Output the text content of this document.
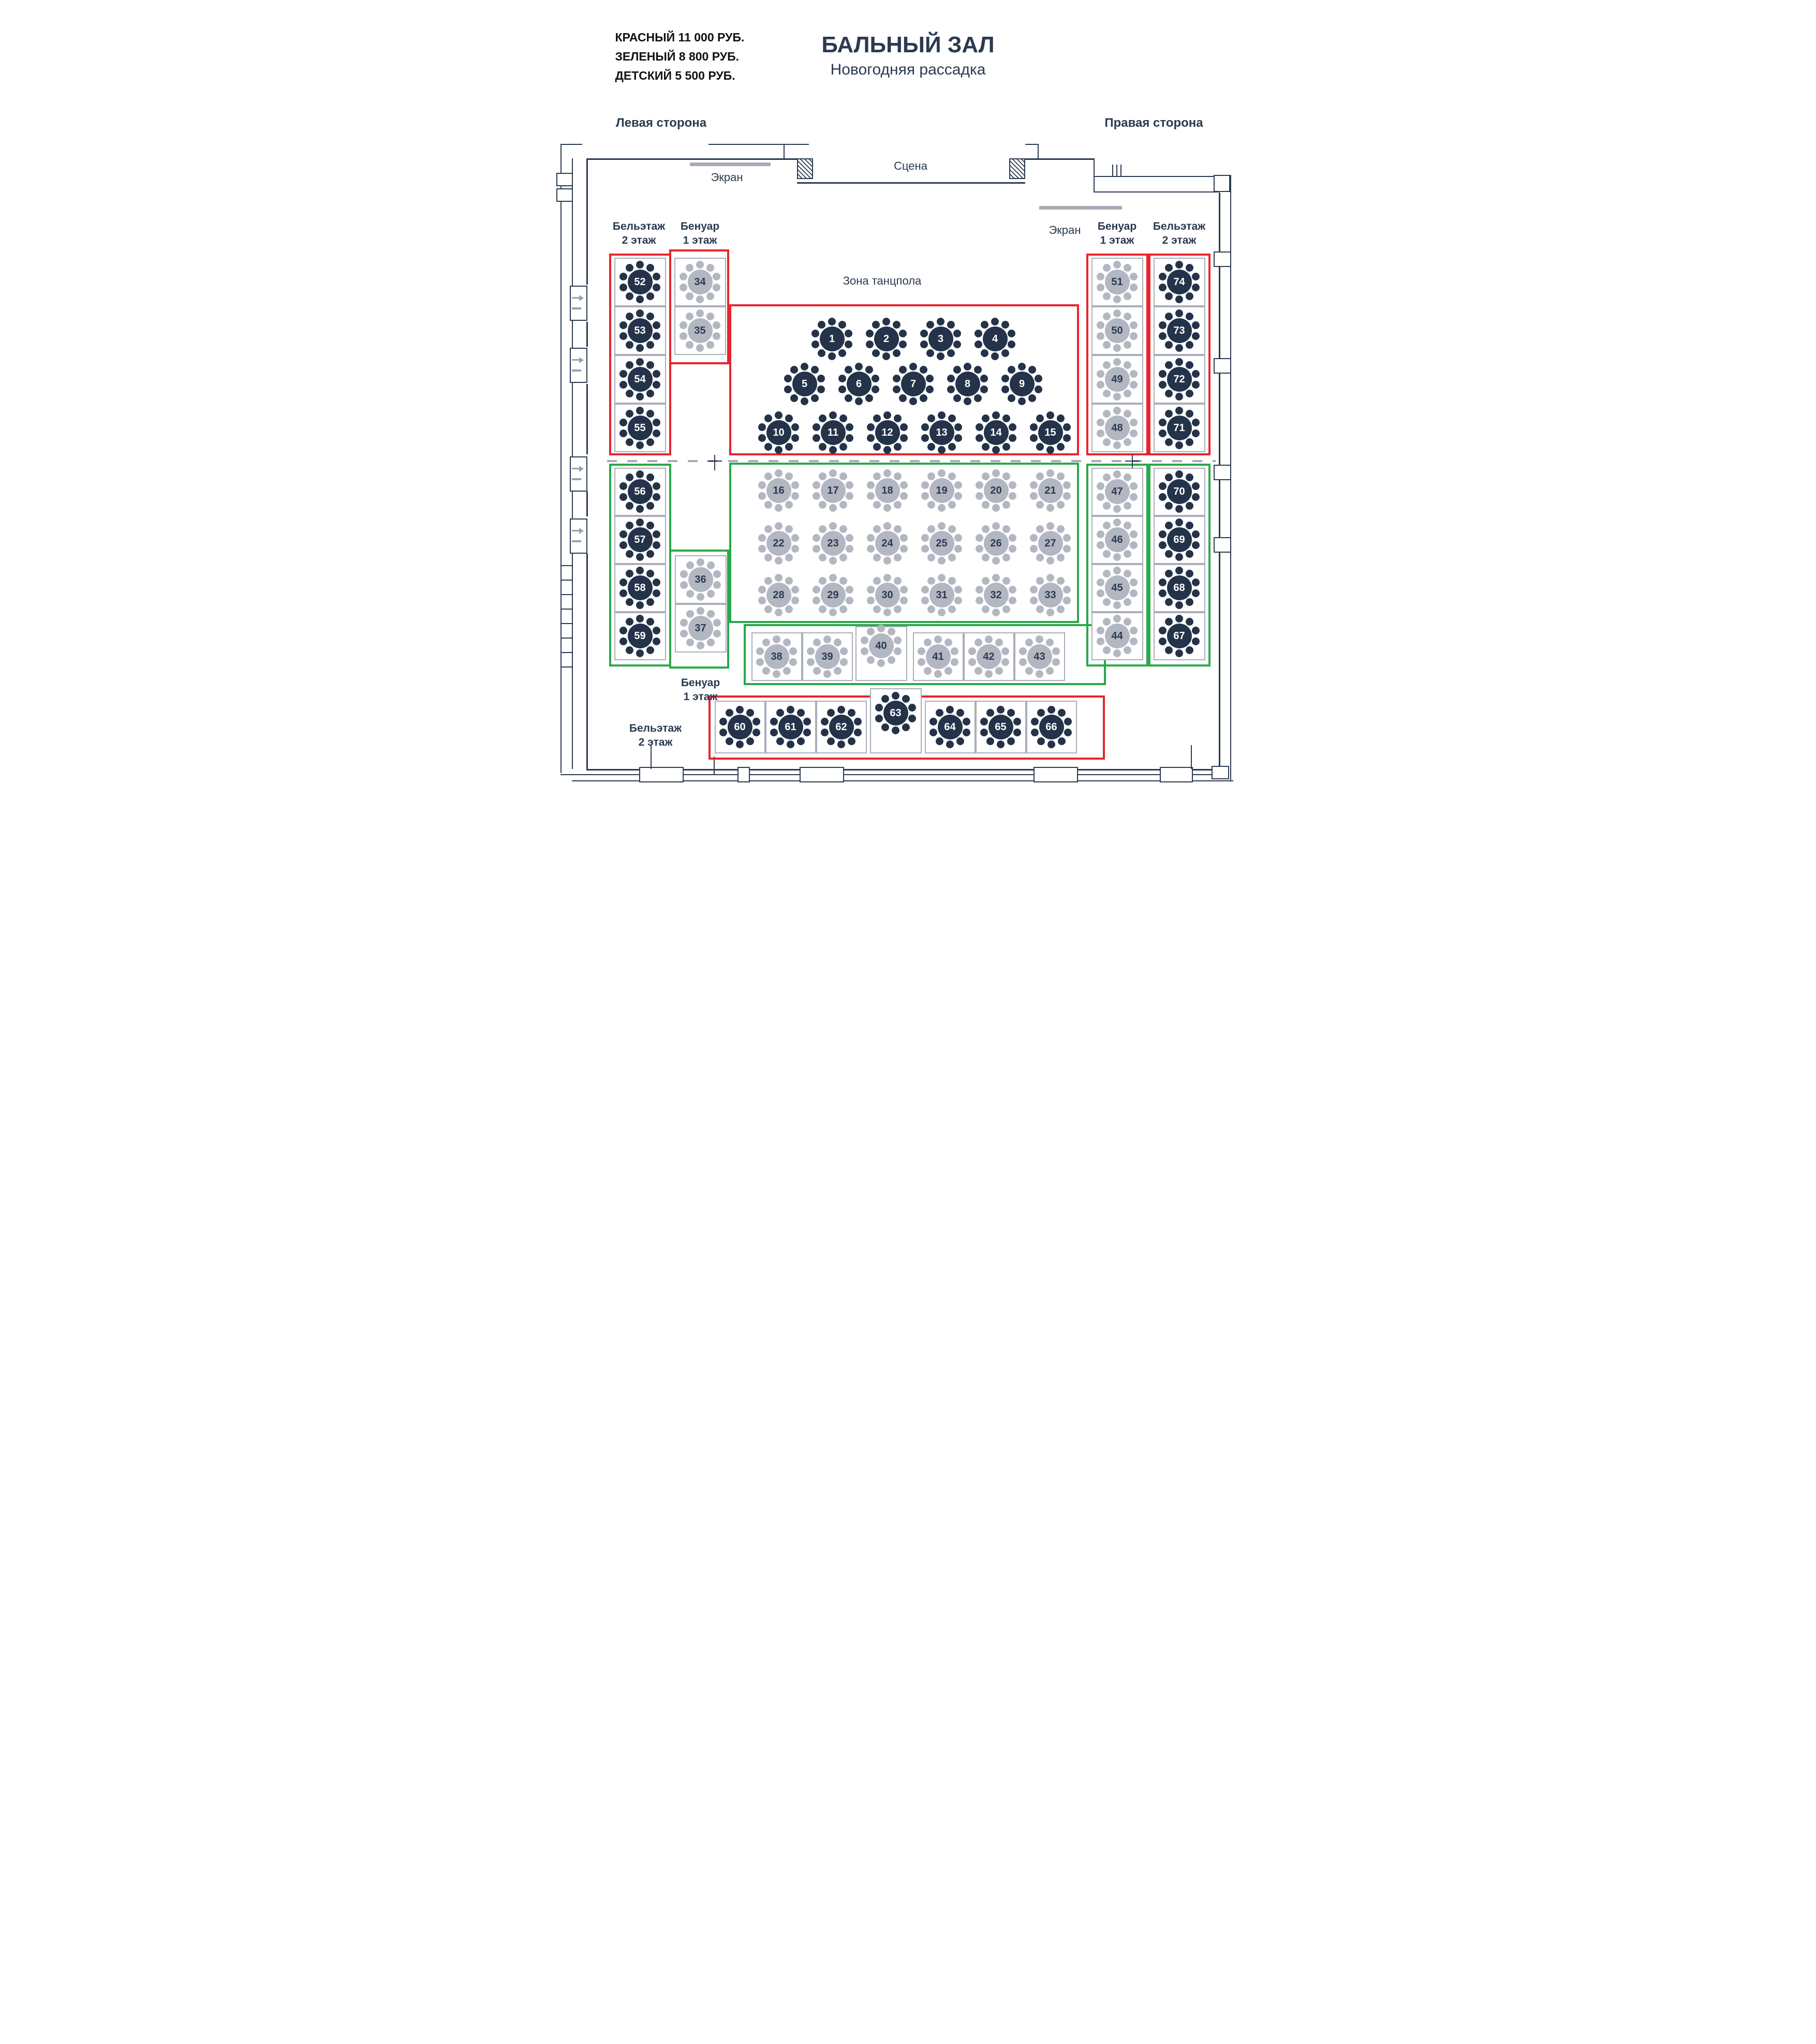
КРАСНЫЙ 11 000 РУБ.
ЗЕЛЕНЫЙ 8 800 РУБ.
ДЕТСКИЙ 5 500 РУБ.
БАЛЬНЫЙ ЗАЛ
Новогодняя рассадка
Левая сторона	Правая сторона
Сцена
Экран
Экран
Зона танцпола
1	2	3	4
5	6	7	8	9
10	11	12	13	14	15
16	17	18	19	20	21
22	23	24	25	26	27
28	29	30	31	32	33
34
35
36
37
38	39
40
41	42	43
44
45
46
47
48
49
50
51
52
53
54
55
56
57
58
59
60	61	62
63
64	65	66
67
68
69
70
71
72
73
74
Бельэтаж
2 этаж
Бенуар
1 этаж
Бенуар
1 этаж
Бельэтаж
2 этаж
Бенуар
1 этаж
Бельэтаж
2 этаж
